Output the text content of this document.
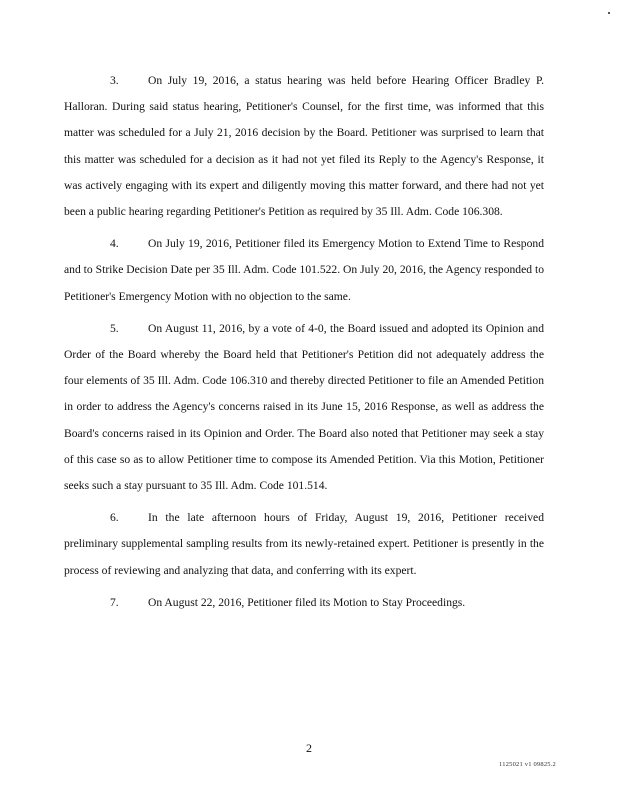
3.	On July 19, 2016, a status hearing was held before Hearing Officer Bradley P. Halloran. During said status hearing, Petitioner's Counsel, for the first time, was informed that this matter was scheduled for a July 21, 2016 decision by the Board. Petitioner was surprised to learn that this matter was scheduled for a decision as it had not yet filed its Reply to the Agency's Response, it was actively engaging with its expert and diligently moving this matter forward, and there had not yet been a public hearing regarding Petitioner's Petition as required by 35 Ill. Adm. Code 106.308.

4.	On July 19, 2016, Petitioner filed its Emergency Motion to Extend Time to Respond and to Strike Decision Date per 35 Ill. Adm. Code 101.522. On July 20, 2016, the Agency responded to Petitioner's Emergency Motion with no objection to the same.

5.	On August 11, 2016, by a vote of 4-0, the Board issued and adopted its Opinion and Order of the Board whereby the Board held that Petitioner's Petition did not adequately address the four elements of 35 Ill. Adm. Code 106.310 and thereby directed Petitioner to file an Amended Petition in order to address the Agency's concerns raised in its June 15, 2016 Response, as well as address the Board's concerns raised in its Opinion and Order. The Board also noted that Petitioner may seek a stay of this case so as to allow Petitioner time to compose its Amended Petition. Via this Motion, Petitioner seeks such a stay pursuant to 35 Ill. Adm. Code 101.514.

6.	In the late afternoon hours of Friday, August 19, 2016, Petitioner received preliminary supplemental sampling results from its newly-retained expert. Petitioner is presently in the process of reviewing and analyzing that data, and conferring with its expert.

7.	On August 22, 2016, Petitioner filed its Motion to Stay Proceedings.

2
1125021 v1 09825.2
